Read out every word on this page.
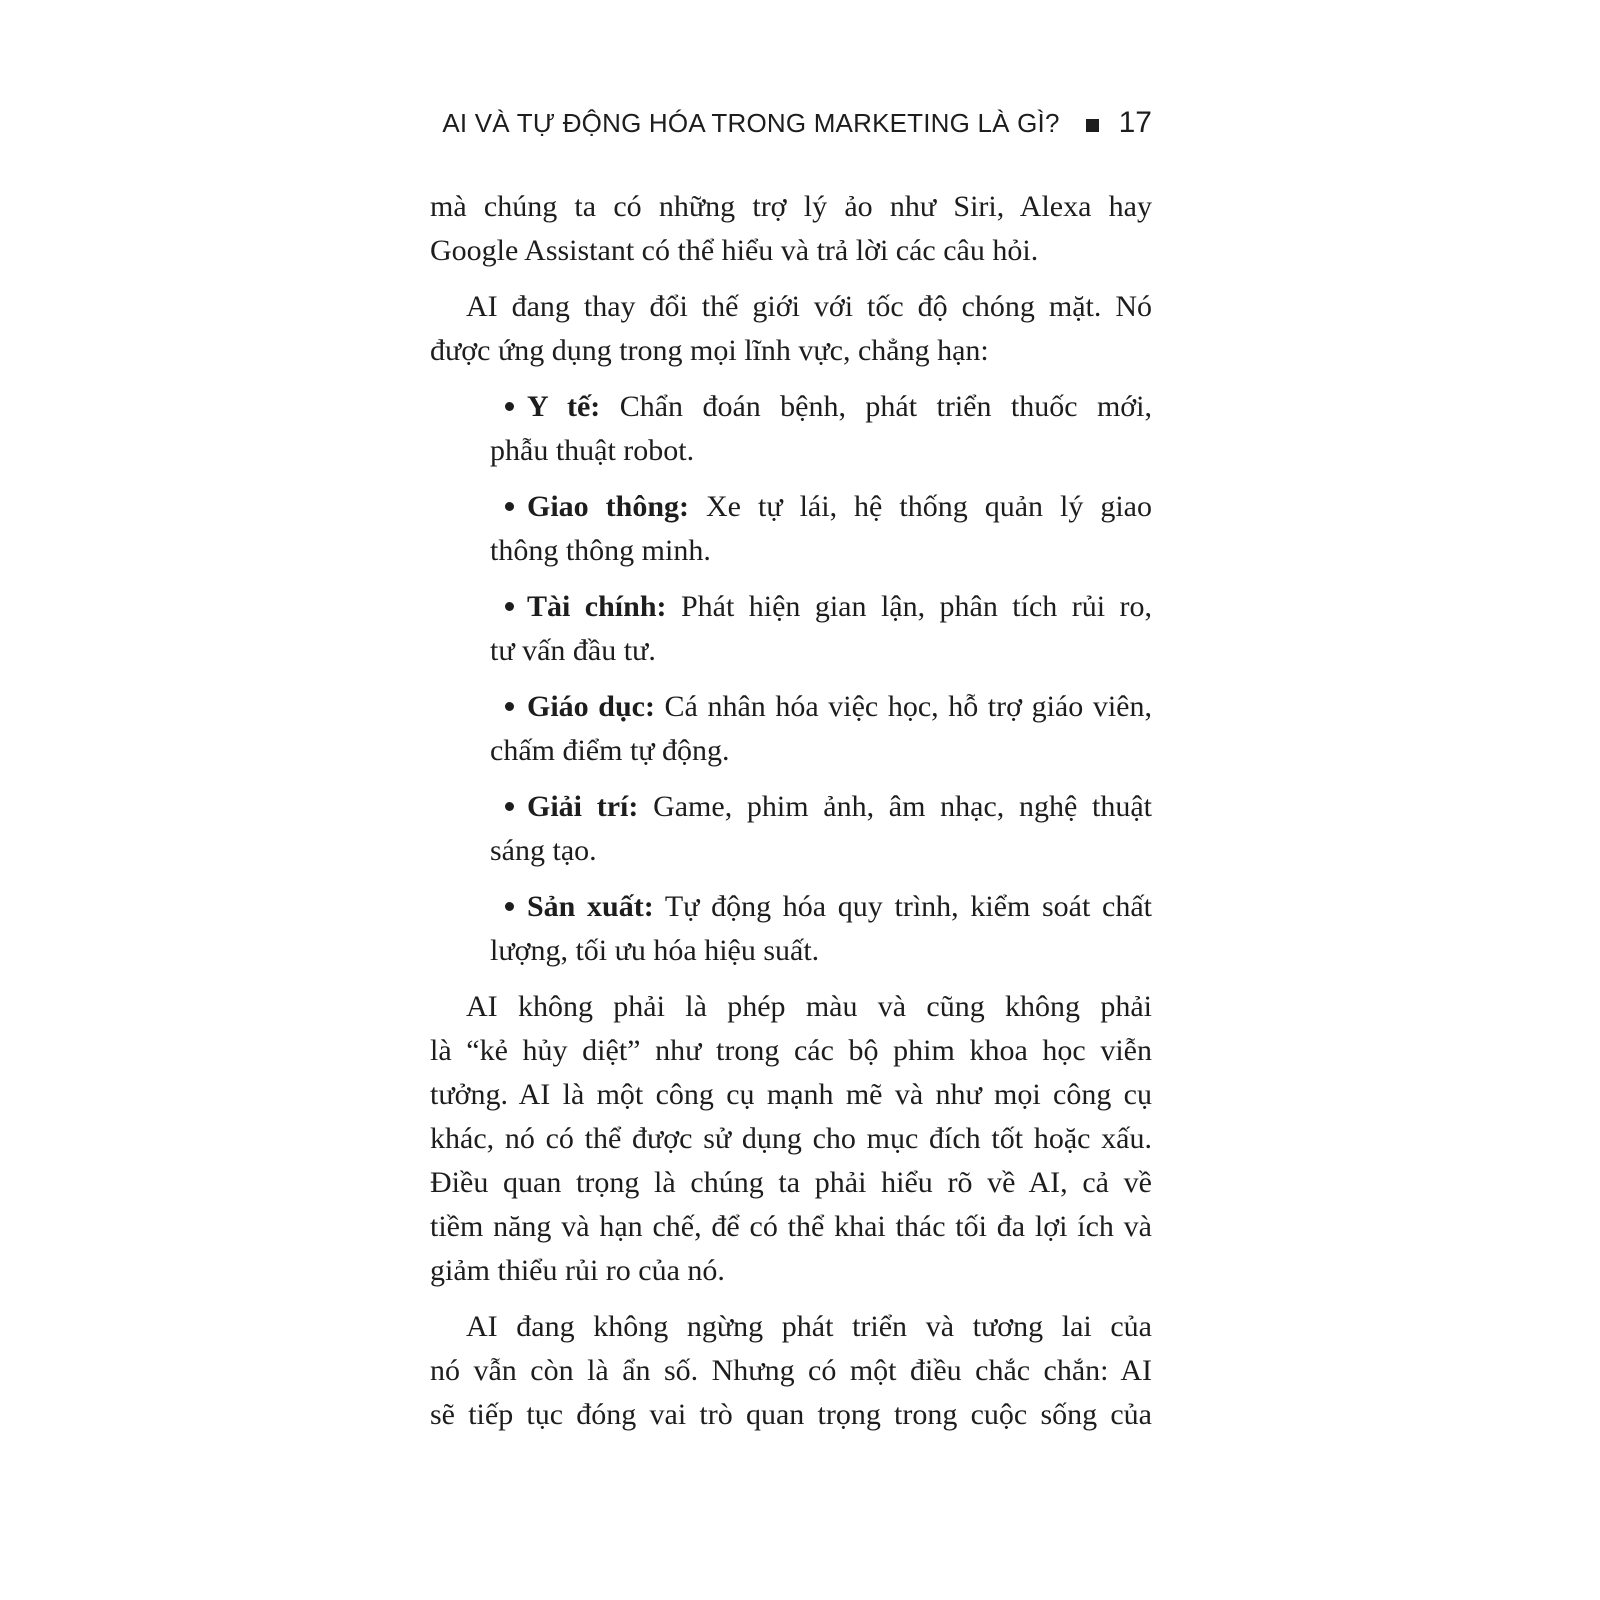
AI VÀ TỰ ĐỘNG HÓA TRONG MARKETING LÀ GÌ? 17
mà chúng ta có những trợ lý ảo như Siri, Alexa hay
Google Assistant có thể hiểu và trả lời các câu hỏi.
AI đang thay đổi thế giới với tốc độ chóng mặt. Nó
được ứng dụng trong mọi lĩnh vực, chẳng hạn:
Y tế: Chẩn đoán bệnh, phát triển thuốc mới,
phẫu thuật robot.
Giao thông: Xe tự lái, hệ thống quản lý giao
thông thông minh.
Tài chính: Phát hiện gian lận, phân tích rủi ro,
tư vấn đầu tư.
Giáo dục: Cá nhân hóa việc học, hỗ trợ giáo viên,
chấm điểm tự động.
Giải trí: Game, phim ảnh, âm nhạc, nghệ thuật
sáng tạo.
Sản xuất: Tự động hóa quy trình, kiểm soát chất
lượng, tối ưu hóa hiệu suất.
AI không phải là phép màu và cũng không phải
là “kẻ hủy diệt” như trong các bộ phim khoa học viễn
tưởng. AI là một công cụ mạnh mẽ và như mọi công cụ
khác, nó có thể được sử dụng cho mục đích tốt hoặc xấu.
Điều quan trọng là chúng ta phải hiểu rõ về AI, cả về
tiềm năng và hạn chế, để có thể khai thác tối đa lợi ích và
giảm thiểu rủi ro của nó.
AI đang không ngừng phát triển và tương lai của
nó vẫn còn là ẩn số. Nhưng có một điều chắc chắn: AI
sẽ tiếp tục đóng vai trò quan trọng trong cuộc sống của
